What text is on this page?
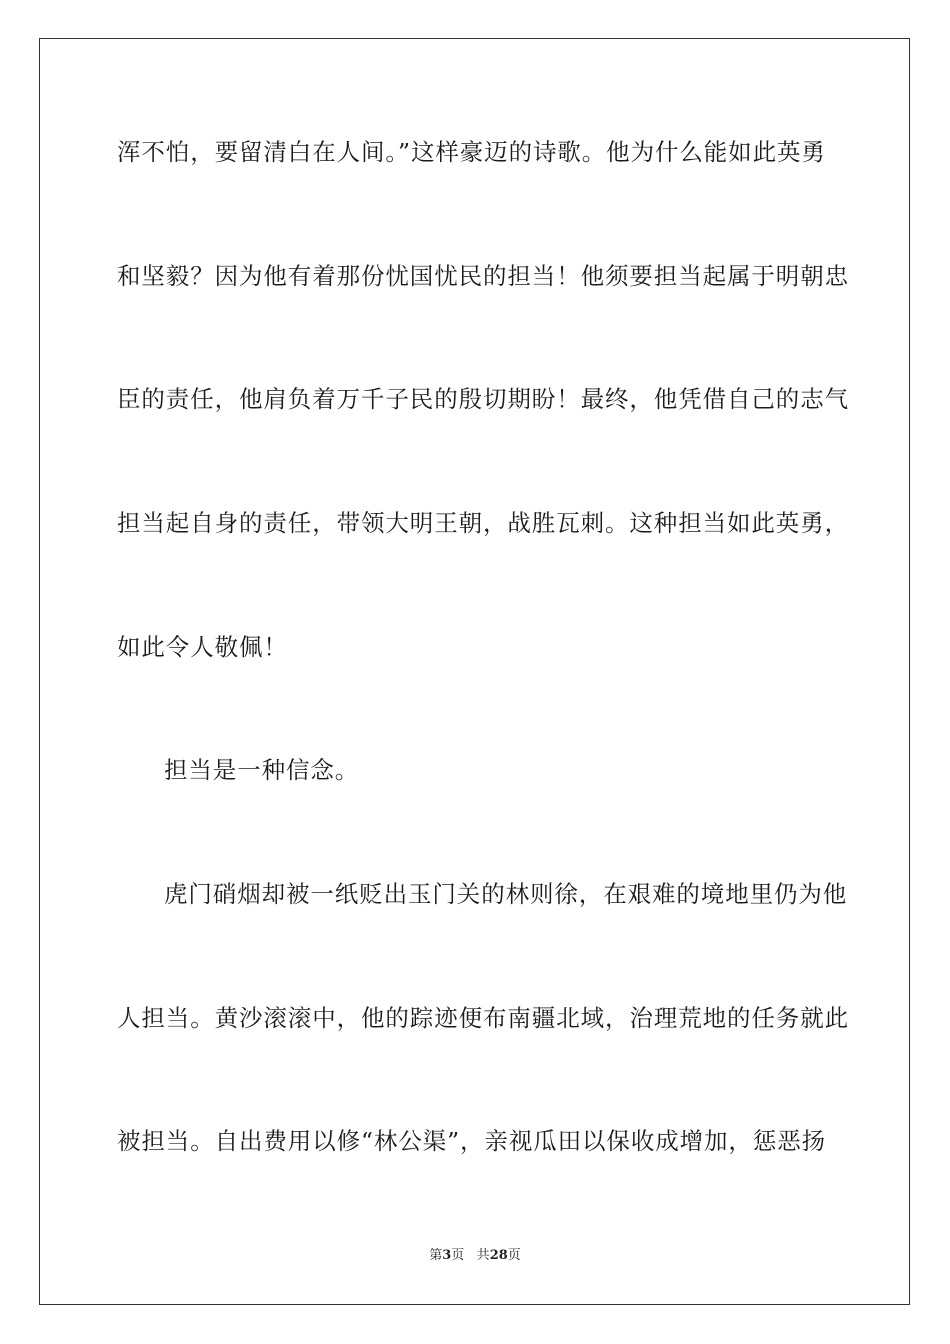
浑不怕，要留清白在人间。”这样豪迈的诗歌。他为什么能如此英勇
和坚毅？因为他有着那份忧国忧民的担当！他须要担当起属于明朝忠
臣的责任，他肩负着万千子民的殷切期盼！最终，他凭借自己的志气
担当起自身的责任，带领大明王朝，战胜瓦刺。这种担当如此英勇，
如此令人敬佩！
担当是一种信念。
虎门硝烟却被一纸贬出玉门关的林则徐，在艰难的境地里仍为他
人担当。黄沙滚滚中，他的踪迹便布南疆北域，治理荒地的任务就此
被担当。自出费用以修“林公渠”，亲视瓜田以保收成增加，惩恶扬
第3页 共28页
